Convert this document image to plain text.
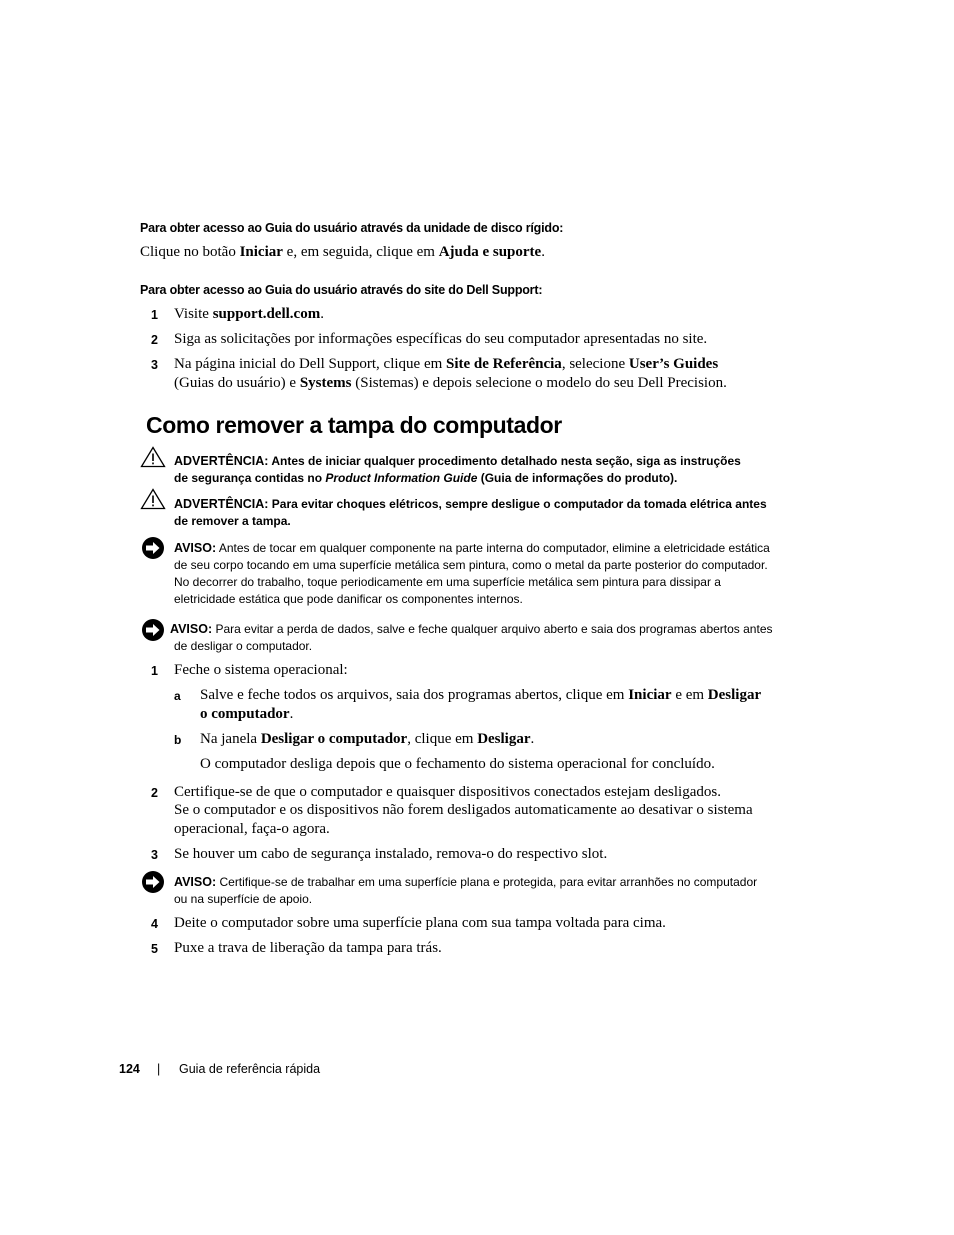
Para obter acesso ao Guia do usuário através da unidade de disco rígido:
Clique no botão Iniciar e, em seguida, clique em Ajuda e suporte.
Para obter acesso ao Guia do usuário através do site do Dell Support:
1 Visite support.dell.com.
2 Siga as solicitações por informações específicas do seu computador apresentadas no site.
3 Na página inicial do Dell Support, clique em Site de Referência, selecione User’s Guides
(Guias do usuário) e Systems (Sistemas) e depois selecione o modelo do seu Dell Precision.
Como remover a tampa do computador
ADVERTÊNCIA: Antes de iniciar qualquer procedimento detalhado nesta seção, siga as instruções
de segurança contidas no Product Information Guide (Guia de informações do produto).
ADVERTÊNCIA: Para evitar choques elétricos, sempre desligue o computador da tomada elétrica antes
de remover a tampa.
AVISO: Antes de tocar em qualquer componente na parte interna do computador, elimine a eletricidade estática
de seu corpo tocando em uma superfície metálica sem pintura, como o metal da parte posterior do computador.
No decorrer do trabalho, toque periodicamente em uma superfície metálica sem pintura para dissipar a
eletricidade estática que pode danificar os componentes internos.
AVISO: Para evitar a perda de dados, salve e feche qualquer arquivo aberto e saia dos programas abertos antes
de desligar o computador.
1 Feche o sistema operacional:
a Salve e feche todos os arquivos, saia dos programas abertos, clique em Iniciar e em Desligar
o computador.
b Na janela Desligar o computador, clique em Desligar.
O computador desliga depois que o fechamento do sistema operacional for concluído.
2 Certifique-se de que o computador e quaisquer dispositivos conectados estejam desligados.
Se o computador e os dispositivos não forem desligados automaticamente ao desativar o sistema
operacional, faça-o agora.
3 Se houver um cabo de segurança instalado, remova-o do respectivo slot.
AVISO: Certifique-se de trabalhar em uma superfície plana e protegida, para evitar arranhões no computador
ou na superfície de apoio.
4 Deite o computador sobre uma superfície plana com sua tampa voltada para cima.
5 Puxe a trava de liberação da tampa para trás.
124 | Guia de referência rápida
